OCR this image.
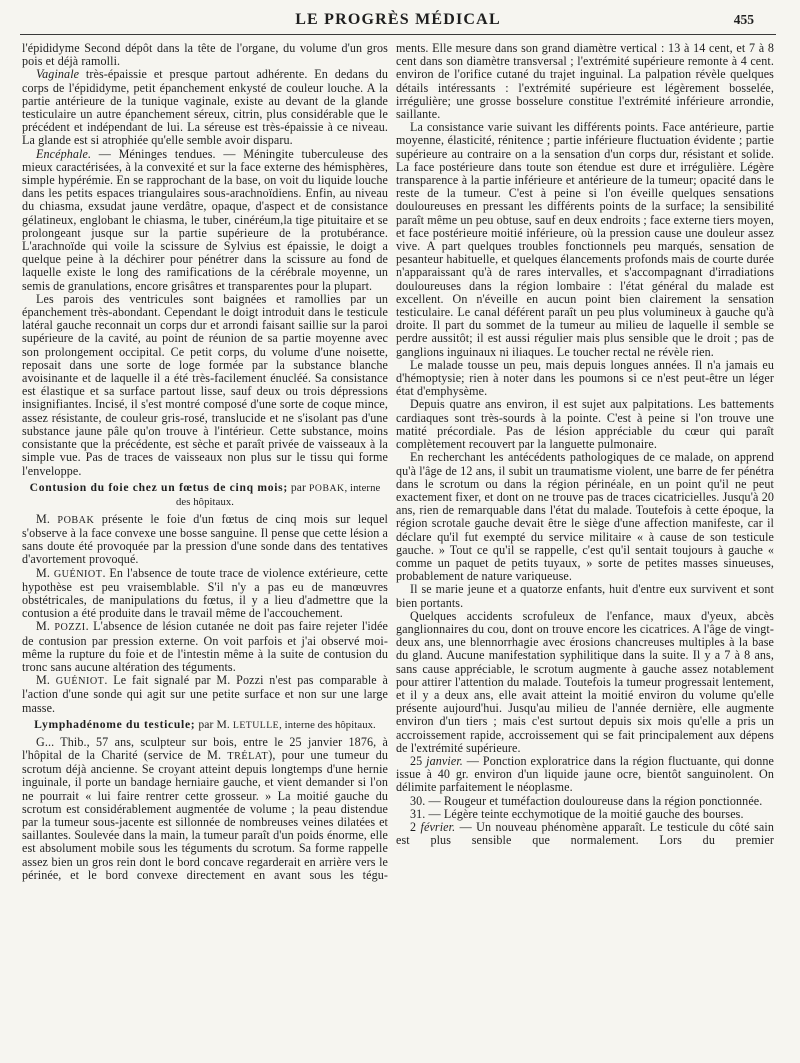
LE PROGRÈS MÉDICAL	455

l'épididyme Second dépôt dans la tête de l'organe, du volume d'un gros pois et déjà ramolli.

Vaginale très-épaissie et presque partout adhérente. En dedans du corps de l'épididyme, petit épanchement enkysté de couleur louche. A la partie antérieure de la tunique vaginale, existe au devant de la glande testiculaire un autre épanchement séreux, citrin, plus considérable que le précédent et indépendant de lui. La séreuse est très-épaissie à ce niveau. La glande est si atrophiée qu'elle semble avoir disparu.

Encéphale. — Méninges tendues. — Méningite tuberculeuse des mieux caractérisées, à la convexité et sur la face externe des hémisphères, simple hypérémie. En se rapprochant de la base, on voit du liquide louche dans les petits espaces triangulaires sous-arachnoïdiens. Enfin, au niveau du chiasma, exsudat jaune verdâtre, opaque, d'aspect et de consistance gélatineux, englobant le chiasma, le tuber, cinéréum,la tige pituitaire et se prolongeant jusque sur la partie supérieure de la protubérance. L'arachnoïde qui voile la scissure de Sylvius est épaissie, le doigt a quelque peine à la déchirer pour pénétrer dans la scissure au fond de laquelle existe le long des ramifications de la cérébrale moyenne, un semis de granulations, encore grisâtres et transparentes pour la plupart.

Les parois des ventricules sont baignées et ramollies par un épanchement très-abondant. Cependant le doigt introduit dans le testicule latéral gauche reconnait un corps dur et arrondi faisant saillie sur la paroi supérieure de la cavité, au point de réunion de sa partie moyenne avec son prolongement occipital. Ce petit corps, du volume d'une noisette, reposait dans une sorte de loge formée par la substance blanche avoisinante et de laquelle il a été très-facilement énucléé. Sa consistance est élastique et sa surface partout lisse, sauf deux ou trois dépressions insignifiantes. Incisé, il s'est montré composé d'une sorte de coque mince, assez résistante, de couleur gris-rosé, translucide et ne s'isolant pas d'une substance jaune pâle qu'on trouve à l'intérieur. Cette substance, moins consistante que la précédente, est sèche et paraît privée de vaisseaux à la simple vue. Pas de traces de vaisseaux non plus sur le tissu qui forme l'enveloppe.

Contusion du foie chez un fœtus de cinq mois; par POBAK, interne des hôpitaux.

M. POBAK présente le foie d'un fœtus de cinq mois sur lequel s'observe à la face convexe une bosse sanguine. Il pense que cette lésion a sans doute été provoquée par la pression d'une sonde dans des tentatives d'avortement provoqué.

M. GUÉNIOT. En l'absence de toute trace de violence extérieure, cette hypothèse est peu vraisemblable. S'il n'y a pas eu de manœuvres obstétricales, de manipulations du fœtus, il y a lieu d'admettre que la contusion a été produite dans le travail même de l'accouchement.

M. POZZI. L'absence de lésion cutanée ne doit pas faire rejeter l'idée de contusion par pression externe. On voit parfois et j'ai observé moi-même la rupture du foie et de l'intestin même à la suite de contusion du tronc sans aucune altération des téguments.

M. GUÉNIOT. Le fait signalé par M. Pozzi n'est pas comparable à l'action d'une sonde qui agit sur une petite surface et non sur une large masse.

Lymphadénome du testicule; par M. LETULLE, interne des hôpitaux.

G... Thib., 57 ans, sculpteur sur bois, entre le 25 janvier 1876, à l'hôpital de la Charité (service de M. TRÉLAT), pour une tumeur du scrotum déjà ancienne. Se croyant atteint depuis longtemps d'une hernie inguinale, il porte un bandage herniaire gauche, et vient demander si l'on ne pourrait « lui faire rentrer cette grosseur. » La moitié gauche du scrotum est considérablement augmentée de volume ; la peau distendue par la tumeur sous-jacente est sillonnée de nombreuses veines dilatées et saillantes. Soulevée dans la main, la tumeur paraît d'un poids énorme, elle est absolument mobile sous les téguments du scrotum. Sa forme rappelle assez bien un gros rein dont le bord concave regarderait en arrière vers le périnée, et le bord convexe directement en avant sous les tégu-

ments. Elle mesure dans son grand diamètre vertical : 13 à 14 cent, et 7 à 8 cent dans son diamètre transversal ; l'extrémité supérieure remonte à 4 cent. environ de l'orifice cutané du trajet inguinal. La palpation révèle quelques détails intéressants : l'extrémité supérieure est légèrement bosselée, irrégulière; une grosse bosselure constitue l'extrémité inférieure arrondie, saillante.

La consistance varie suivant les différents points. Face antérieure, partie moyenne, élasticité, rénitence ; partie inférieure fluctuation évidente ; partie supérieure au contraire on a la sensation d'un corps dur, résistant et solide. La face postérieure dans toute son étendue est dure et irrégulière. Légère transparence à la partie inférieure et antérieure de la tumeur; opacité dans le reste de la tumeur. C'est à peine si l'on éveille quelques sensations douloureuses en pressant les différents points de la surface; la sensibilité paraît même un peu obtuse, sauf en deux endroits ; face externe tiers moyen, et face postérieure moitié inférieure, où la pression cause une douleur assez vive. A part quelques troubles fonctionnels peu marqués, sensation de pesanteur habituelle, et quelques élancements profonds mais de courte durée n'apparaissant qu'à de rares intervalles, et s'accompagnant d'irradiations douloureuses dans la région lombaire : l'état général du malade est excellent. On n'éveille en aucun point bien clairement la sensation testiculaire. Le canal déférent paraît un peu plus volumineux à gauche qu'à droite. Il part du sommet de la tumeur au milieu de laquelle il semble se perdre aussitôt; il est aussi régulier mais plus sensible que le droit ; pas de ganglions inguinaux ni iliaques. Le toucher rectal ne révèle rien.

Le malade tousse un peu, mais depuis longues années. Il n'a jamais eu d'hémoptysie; rien à noter dans les poumons si ce n'est peut-être un léger état d'emphysème.

Depuis quatre ans environ, il est sujet aux palpitations. Les battements cardiaques sont très-sourds à la pointe. C'est à peine si l'on trouve une matité précordiale. Pas de lésion appréciable du cœur qui paraît complètement recouvert par la languette pulmonaire.

En recherchant les antécédents pathologiques de ce malade, on apprend qu'à l'âge de 12 ans, il subit un traumatisme violent, une barre de fer pénétra dans le scrotum ou dans la région périnéale, en un point qu'il ne peut exactement fixer, et dont on ne trouve pas de traces cicatricielles. Jusqu'à 20 ans, rien de remarquable dans l'état du malade. Toutefois à cette époque, la région scrotale gauche devait être le siège d'une affection manifeste, car il déclare qu'il fut exempté du service militaire « à cause de son testicule gauche. » Tout ce qu'il se rappelle, c'est qu'il sentait toujours à gauche « comme un paquet de petits tuyaux, » sorte de petites masses sinueuses, probablement de nature variqueuse.

Il se marie jeune et a quatorze enfants, huit d'entre eux survivent et sont bien portants.

Quelques accidents scrofuleux de l'enfance, maux d'yeux, abcès ganglionnaires du cou, dont on trouve encore les cicatrices. A l'âge de vingt-deux ans, une blennorrhagie avec érosions chancreuses multiples à la base du gland. Aucune manifestation syphilitique dans la suite. Il y a 7 à 8 ans, sans cause appréciable, le scrotum augmente à gauche assez notablement pour attirer l'attention du malade. Toutefois la tumeur progressait lentement, et il y a deux ans, elle avait atteint la moitié environ du volume qu'elle présente aujourd'hui. Jusqu'au milieu de l'année dernière, elle augmente environ d'un tiers ; mais c'est surtout depuis six mois qu'elle a pris un accroissement rapide, accroissement qui se fait principalement aux dépens de l'extrémité supérieure.

25 janvier. — Ponction exploratrice dans la région fluctuante, qui donne issue à 40 gr. environ d'un liquide jaune ocre, bientôt sanguinolent. On délimite parfaitement le néoplasme.

30. — Rougeur et tuméfaction douloureuse dans la région ponctionnée.

31. — Légère teinte ecchymotique de la moitié gauche des bourses.

2 février. — Un nouveau phénomène apparaît. Le testicule du côté sain est plus sensible que normalement. Lors du premier
